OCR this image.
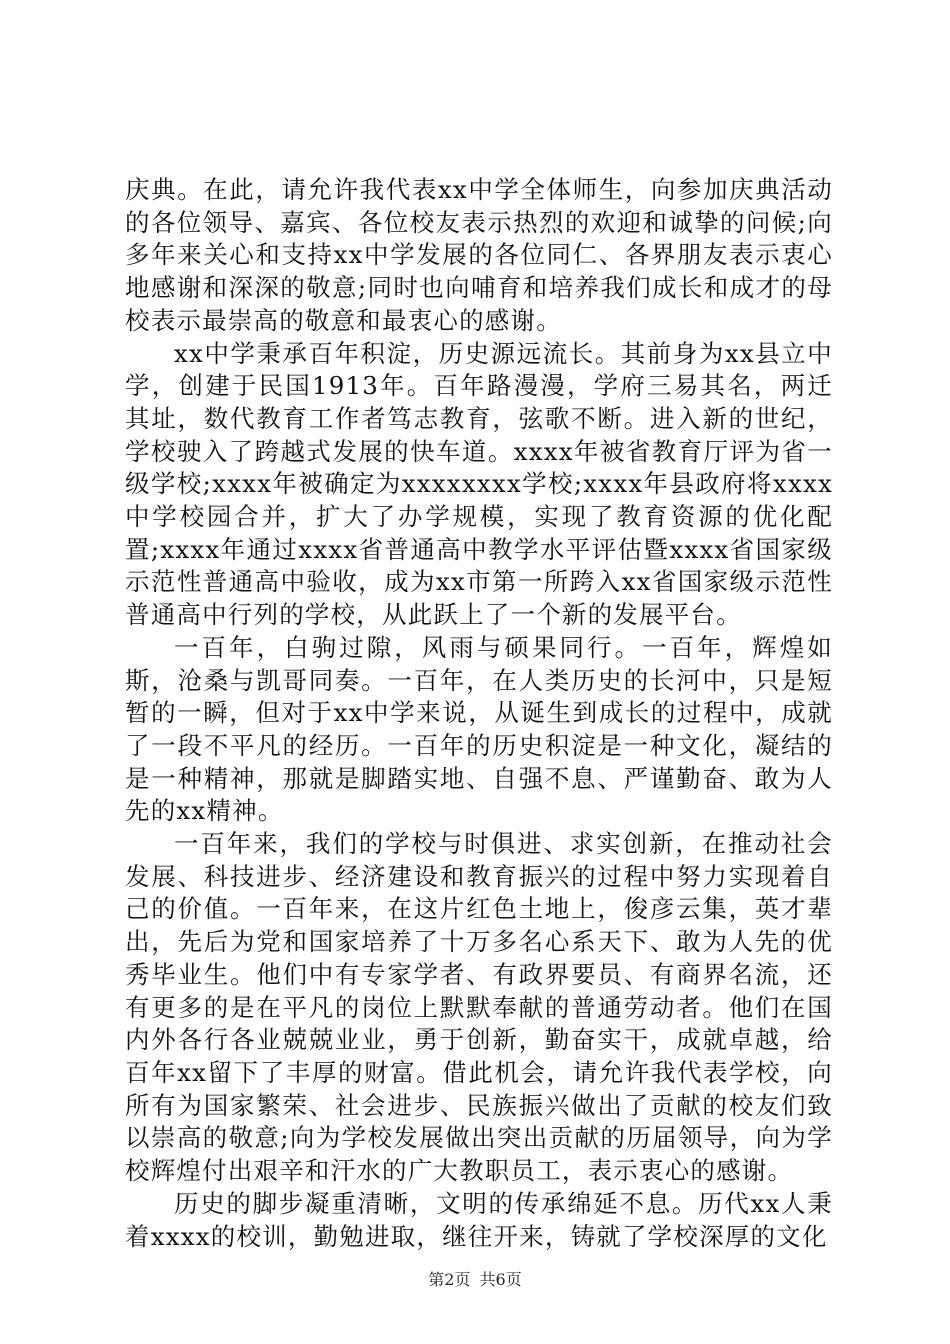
庆典。在此，请允许我代表xx中学全体师生，向参加庆典活动的各位领导、嘉宾、各位校友表示热烈的欢迎和诚挚的问候;向多年来关心和支持xx中学发展的各位同仁、各界朋友表示衷心地感谢和深深的敬意;同时也向哺育和培养我们成长和成才的母校表示最崇高的敬意和最衷心的感谢。

xx中学秉承百年积淀，历史源远流长。其前身为xx县立中学，创建于民国1913年。百年路漫漫，学府三易其名，两迁其址，数代教育工作者笃志教育，弦歌不断。进入新的世纪，学校驶入了跨越式发展的快车道。xxxx年被省教育厅评为省一级学校;xxxx年被确定为xxxxxxxx学校;xxxx年县政府将xxxx中学校园合并，扩大了办学规模，实现了教育资源的优化配置;xxxx年通过xxxx省普通高中教学水平评估暨xxxx省国家级示范性普通高中验收，成为xx市第一所跨入xx省国家级示范性普通高中行列的学校，从此跃上了一个新的发展平台。

一百年，白驹过隙，风雨与硕果同行。一百年，辉煌如斯，沧桑与凯哥同奏。一百年，在人类历史的长河中，只是短暂的一瞬，但对于xx中学来说，从诞生到成长的过程中，成就了一段不平凡的经历。一百年的历史积淀是一种文化，凝结的是一种精神，那就是脚踏实地、自强不息、严谨勤奋、敢为人先的xx精神。

一百年来，我们的学校与时俱进、求实创新，在推动社会发展、科技进步、经济建设和教育振兴的过程中努力实现着自己的价值。一百年来，在这片红色土地上，俊彦云集，英才辈出，先后为党和国家培养了十万多名心系天下、敢为人先的优秀毕业生。他们中有专家学者、有政界要员、有商界名流，还有更多的是在平凡的岗位上默默奉献的普通劳动者。他们在国内外各行各业兢兢业业，勇于创新，勤奋实干，成就卓越，给百年xx留下了丰厚的财富。借此机会，请允许我代表学校，向所有为国家繁荣、社会进步、民族振兴做出了贡献的校友们致以崇高的敬意;向为学校发展做出突出贡献的历届领导，向为学校辉煌付出艰辛和汗水的广大教职员工，表示衷心的感谢。

历史的脚步凝重清晰，文明的传承绵延不息。历代xx人秉着xxxx的校训，勤勉进取，继往开来，铸就了学校深厚的文化

第2页 共6页
